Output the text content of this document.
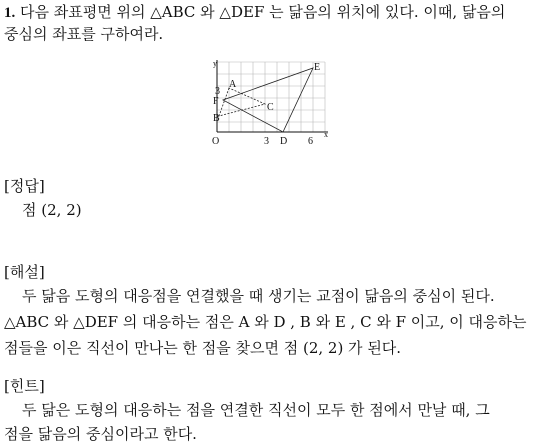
1. 다음 좌표평면 위의 △ABC 와 △DEF 는 닮음의 위치에 있다. 이때, 닮음의
중심의 좌표를 구하여라.
y
x
O	3	6
3
A
B
C
D
E
F
[정답]
점 (2, 2)
[해설]
두 닮음 도형의 대응점을 연결했을 때 생기는 교점이 닮음의 중심이 된다.
△ABC 와 △DEF 의 대응하는 점은 A 와 D , B 와 E , C 와 F 이고, 이 대응하는
점들을 이은 직선이 만나는 한 점을 찾으면 점 (2, 2) 가 된다.
[힌트]
두 닮은 도형의 대응하는 점을 연결한 직선이 모두 한 점에서 만날 때, 그
점을 닮음의 중심이라고 한다.
